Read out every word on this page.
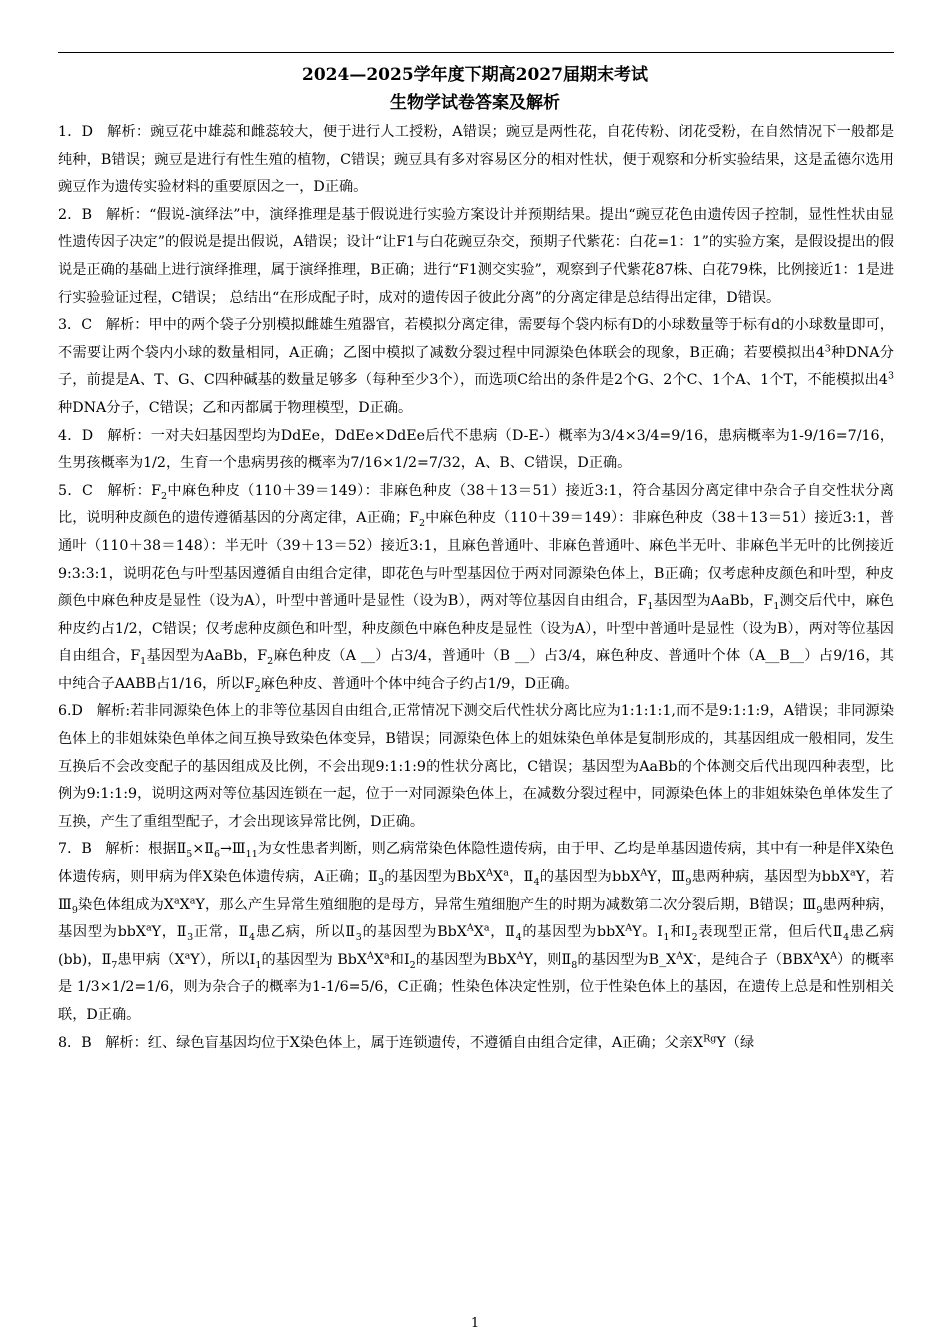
2024—2025学年度下期高2027届期末考试
生物学试卷答案及解析

1．D 解析：豌豆花中雄蕊和雌蕊较大，便于进行人工授粉，A错误；豌豆是两性花，自花传粉、闭花受粉，在自然情况下一般都是纯种，B错误；豌豆是进行有性生殖的植物，C错误；豌豆具有多对容易区分的相对性状，便于观察和分析实验结果，这是孟德尔选用豌豆作为遗传实验材料的重要原因之一，D正确。

2．B 解析：“假说-演绎法”中，演绎推理是基于假说进行实验方案设计并预期结果。提出“豌豆花色由遗传因子控制，显性性状由显性遗传因子决定”的假说是提出假说，A错误；设计“让F1与白花豌豆杂交，预期子代紫花：白花=1：1”的实验方案，是假设提出的假说是正确的基础上进行演绎推理，属于演绎推理，B正确；进行“F1测交实验”，观察到子代紫花87株、白花79株，比例接近1：1是进行实验验证过程，C错误； 总结出“在形成配子时，成对的遗传因子彼此分离”的分离定律是总结得出定律，D错误。

3．C 解析：甲中的两个袋子分别模拟雌雄生殖器官，若模拟分离定律，需要每个袋内标有D的小球数量等于标有d的小球数量即可，不需要让两个袋内小球的数量相同，A正确；乙图中模拟了减数分裂过程中同源染色体联会的现象，B正确；若要模拟出$4^3$种DNA分子，前提是A、T、G、C四种碱基的数量足够多（每种至少3个），而选项C给出的条件是2个G、2个C、1个A、1个T，不能模拟出$4^3$种DNA分子，C错误；乙和丙都属于物理模型，D正确。

4．D 解析：一对夫妇基因型均为DdEe，DdEe×DdEe后代不患病（D-E-）概率为3/4×3/4=9/16，患病概率为1-9/16=7/16，生男孩概率为1/2，生育一个患病男孩的概率为7/16×1/2=7/32，A、B、C错误，D正确。

5．C 解析：$F_2$中麻色种皮（110＋39＝149）：非麻色种皮（38＋13＝51）接近3:1，符合基因分离定律中杂合子自交性状分离比，说明种皮颜色的遗传遵循基因的分离定律，A正确；$F_2$中麻色种皮（110＋39＝149）：非麻色种皮（38＋13＝51）接近3:1，普通叶（110＋38＝148）：半无叶（39＋13＝52）接近3:1，且麻色普通叶、非麻色普通叶、麻色半无叶、非麻色半无叶的比例接近9:3:3:1，说明花色与叶型基因遵循自由组合定律，即花色与叶型基因位于两对同源染色体上，B正确；仅考虑种皮颜色和叶型，种皮颜色中麻色种皮是显性（设为A），叶型中普通叶是显性（设为B），两对等位基因自由组合，$F_1$基因型为AaBb，$F_1$测交后代中，麻色种皮约占1/2，C错误；仅考虑种皮颜色和叶型，种皮颜色中麻色种皮是显性（设为A），叶型中普通叶是显性（设为B），两对等位基因自由组合，$F_1$基因型为AaBb，$F_2$麻色种皮（A __）占3/4，普通叶（B __）占3/4，麻色种皮、普通叶个体（A__B__）占9/16，其中纯合子AABB占1/16，所以$F_2$麻色种皮、普通叶个体中纯合子约占1/9，D正确。

6.D 解析:若非同源染色体上的非等位基因自由组合,正常情况下测交后代性状分离比应为1:1:1:1,而不是9:1:1:9，A错误；非同源染色体上的非姐妹染色单体之间互换导致染色体变异，B错误；同源染色体上的姐妹染色单体是复制形成的，其基因组成一般相同，发生互换后不会改变配子的基因组成及比例，不会出现9:1:1:9的性状分离比，C错误；基因型为AaBb的个体测交后代出现四种表型，比例为9:1:1:9，说明这两对等位基因连锁在一起，位于一对同源染色体上，在减数分裂过程中，同源染色体上的非姐妹染色单体发生了互换，产生了重组型配子，才会出现该异常比例，D正确。

7．B 解析：根据$Ⅱ_5\times Ⅱ_6\to Ⅲ_{11}$为女性患者判断，则乙病常染色体隐性遗传病，由于甲、乙均是单基因遗传病，其中有一种是伴X染色体遗传病，则甲病为伴X染色体遗传病，A正确；$Ⅱ_3$的基因型为$BbX^AX^a$，$Ⅱ_4$的基因型为bbX$^A$Y，$Ⅲ_9$患两种病，基因型为bbX$^a$Y，若$Ⅲ_9$染色体组成为$X^aX^aY$，那么产生异常生殖细胞的是母方，异常生殖细胞产生的时期为减数第二次分裂后期，B错误；$Ⅲ_9$患两种病，基因型为bbX$^a$Y，$Ⅱ_3$正常，$Ⅱ_4$患乙病，所以$Ⅱ_3$的基因型为$BbX^AX^a$，$Ⅱ_4$的基因型为bbX$^A$Y。$Ⅰ_1$和$Ⅰ_2$表现型正常，但后代$Ⅱ_4$患乙病　(bb)，$Ⅱ_7$患甲病$(X^aY)$，所以$Ⅰ_1$的基因型为 $BbX^AX^a$和$Ⅰ_2$的基因型为BbX$^A$Y，则$Ⅱ_8$的基因型为$B\_X^AX^-$，是纯合子$(BBX^AX^A)$的概率是 1/3×1/2=1/6，则为杂合子的概率为1-1/6=5/6，C正确；性染色体决定性别，位于性染色体上的基因，在遗传上总是和性别相关联，D正确。

8．B 解析：红、绿色盲基因均位于X染色体上，属于连锁遗传，不遵循自由组合定律，A正确；父亲$X^{Rg}Y$（绿

1
